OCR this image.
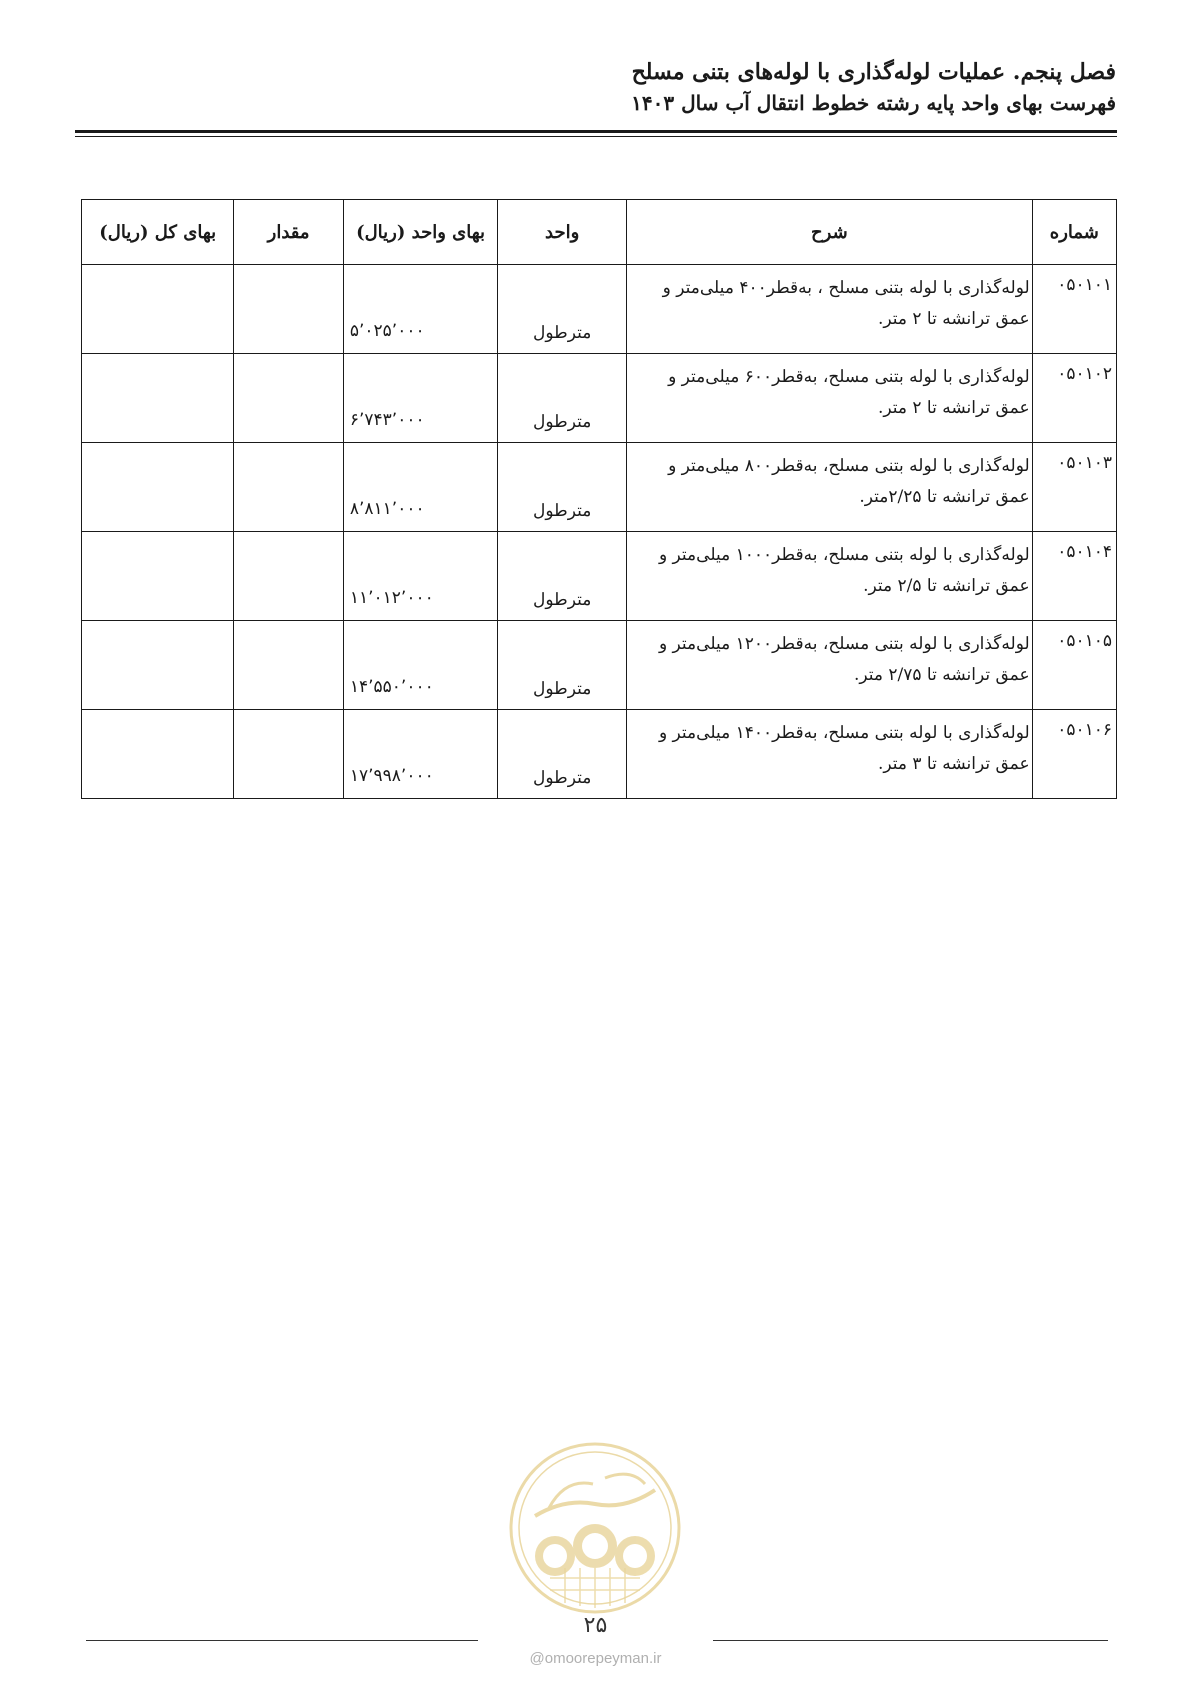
فصل پنجم. عملیات لوله‌گذاری با لوله‌های بتنی مسلح
فهرست بهای واحد پایه رشته خطوط انتقال آب سال ۱۴۰۳
شماره	شرح	واحد	بهای واحد (ریال)	مقدار	بهای کل (ریال)
۰۵۰۱۰۱	لوله‌گذاری با لوله بتنی مسلح ، به‌قطر۴۰۰ میلی‌متر و عمق ترانشه تا ۲ متر.	مترطول	۵٬۰۲۵٬۰۰۰		
۰۵۰۱۰۲	لوله‌گذاری با لوله بتنی مسلح، به‌قطر۶۰۰ میلی‌متر و عمق ترانشه تا ۲ متر.	مترطول	۶٬۷۴۳٬۰۰۰		
۰۵۰۱۰۳	لوله‌گذاری با لوله بتنی مسلح، به‌قطر۸۰۰ میلی‌متر و عمق ترانشه تا ۲/۲۵متر.	مترطول	۸٬۸۱۱٬۰۰۰		
۰۵۰۱۰۴	لوله‌گذاری با لوله بتنی مسلح، به‌قطر۱۰۰۰ میلی‌متر و عمق ترانشه تا ۲/۵ متر.	مترطول	۱۱٬۰۱۲٬۰۰۰		
۰۵۰۱۰۵	لوله‌گذاری با لوله بتنی مسلح، به‌قطر۱۲۰۰ میلی‌متر و عمق ترانشه تا ۲/۷۵ متر.	مترطول	۱۴٬۵۵۰٬۰۰۰		
۰۵۰۱۰۶	لوله‌گذاری با لوله بتنی مسلح، به‌قطر۱۴۰۰ میلی‌متر و عمق ترانشه تا ۳ متر.	مترطول	۱۷٬۹۹۸٬۰۰۰		
۲۵
@omoorepeyman.ir
